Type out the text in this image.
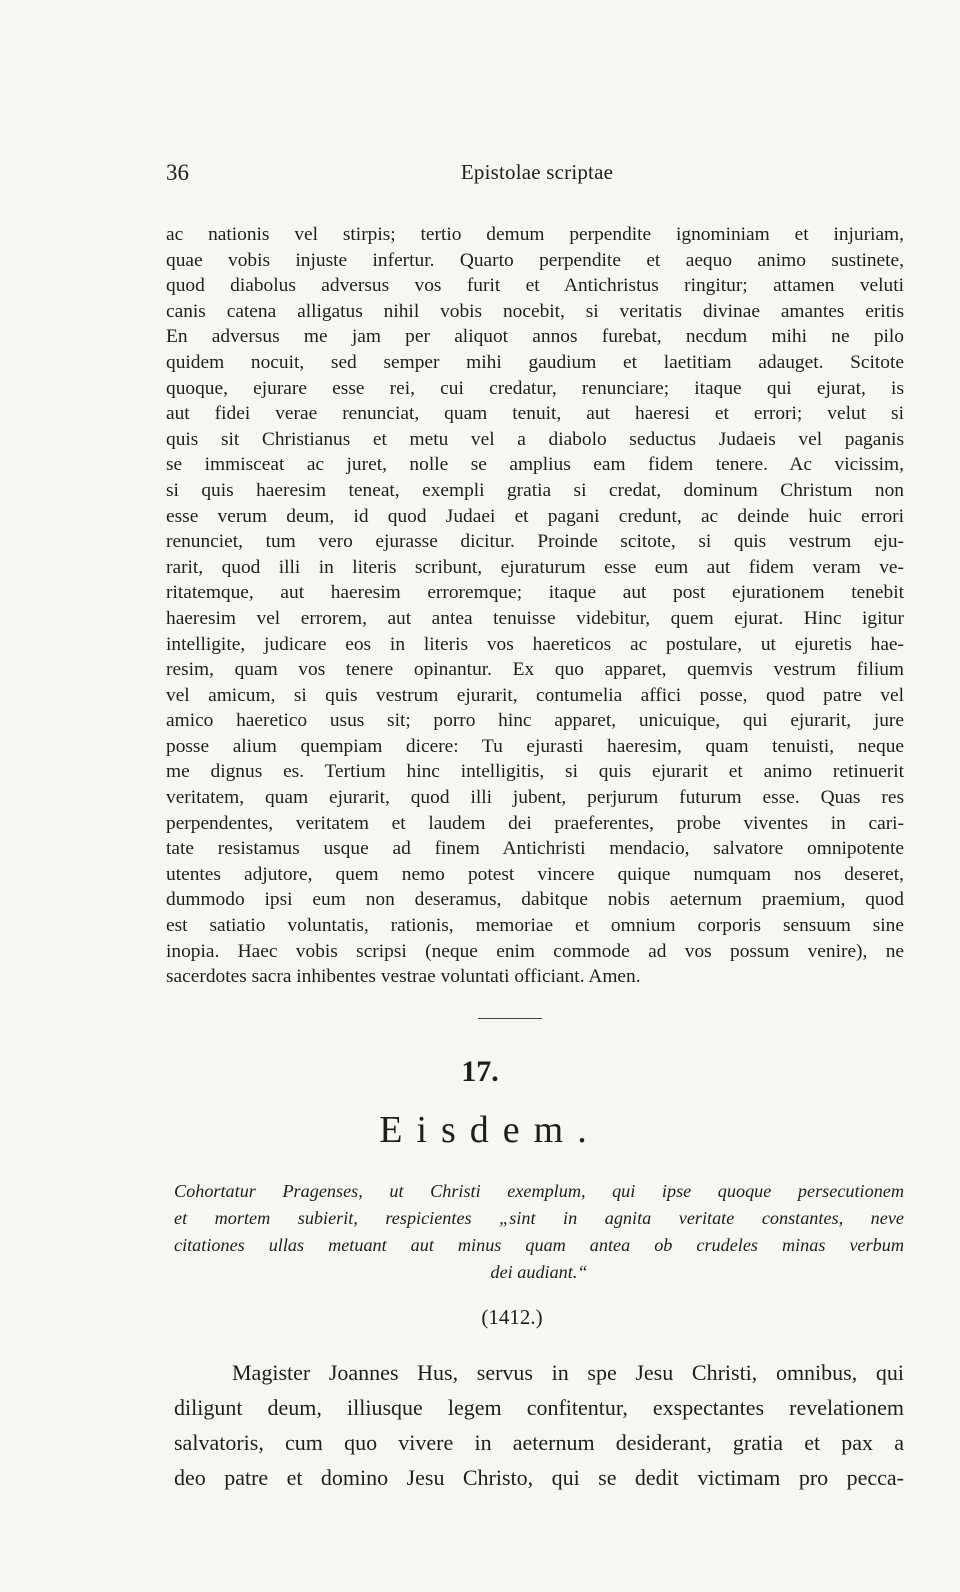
36	Epistolae scriptae
ac nationis vel stirpis; tertio demum perpendite ignominiam et injuriam,
quae vobis injuste infertur. Quarto perpendite et aequo animo sustinete,
quod diabolus adversus vos furit et Antichristus ringitur; attamen veluti
canis catena alligatus nihil vobis nocebit, si veritatis divinae amantes eritis
En adversus me jam per aliquot annos furebat, necdum mihi ne pilo
quidem nocuit, sed semper mihi gaudium et laetitiam adauget. Scitote
quoque, ejurare esse rei, cui credatur, renunciare; itaque qui ejurat, is
aut fidei verae renunciat, quam tenuit, aut haeresi et errori; velut si
quis sit Christianus et metu vel a diabolo seductus Judaeis vel paganis
se immisceat ac juret, nolle se amplius eam fidem tenere. Ac vicissim,
si quis haeresim teneat, exempli gratia si credat, dominum Christum non
esse verum deum, id quod Judaei et pagani credunt, ac deinde huic errori
renunciet, tum vero ejurasse dicitur. Proinde scitote, si quis vestrum eju-
rarit, quod illi in literis scribunt, ejuraturum esse eum aut fidem veram ve-
ritatemque, aut haeresim erroremque; itaque aut post ejurationem tenebit
haeresim vel errorem, aut antea tenuisse videbitur, quem ejurat. Hinc igitur
intelligite, judicare eos in literis vos haereticos ac postulare, ut ejuretis hae-
resim, quam vos tenere opinantur. Ex quo apparet, quemvis vestrum filium
vel amicum, si quis vestrum ejurarit, contumelia affici posse, quod patre vel
amico haeretico usus sit; porro hinc apparet, unicuique, qui ejurarit, jure
posse alium quempiam dicere: Tu ejurasti haeresim, quam tenuisti, neque
me dignus es. Tertium hinc intelligitis, si quis ejurarit et animo retinuerit
veritatem, quam ejurarit, quod illi jubent, perjurum futurum esse. Quas res
perpendentes, veritatem et laudem dei praeferentes, probe viventes in cari-
tate resistamus usque ad finem Antichristi mendacio, salvatore omnipotente
utentes adjutore, quem nemo potest vincere quique numquam nos deseret,
dummodo ipsi eum non deseramus, dabitque nobis aeternum praemium, quod
est satiatio voluntatis, rationis, memoriae et omnium corporis sensuum sine
inopia. Haec vobis scripsi (neque enim commode ad vos possum venire), ne
sacerdotes sacra inhibentes vestrae voluntati officiant. Amen.
17.
Eisdem.
Cohortatur Pragenses, ut Christi exemplum, qui ipse quoque persecutionem
et mortem subierit, respicientes „sint in agnita veritate constantes, neve
citationes ullas metuant aut minus quam antea ob crudeles minas verbum
dei audiant.“
(1412.)
Magister Joannes Hus, servus in spe Jesu Christi, omnibus, qui
diligunt deum, illiusque legem confitentur, exspectantes revelationem
salvatoris, cum quo vivere in aeternum desiderant, gratia et pax a
deo patre et domino Jesu Christo, qui se dedit victimam pro pecca-
